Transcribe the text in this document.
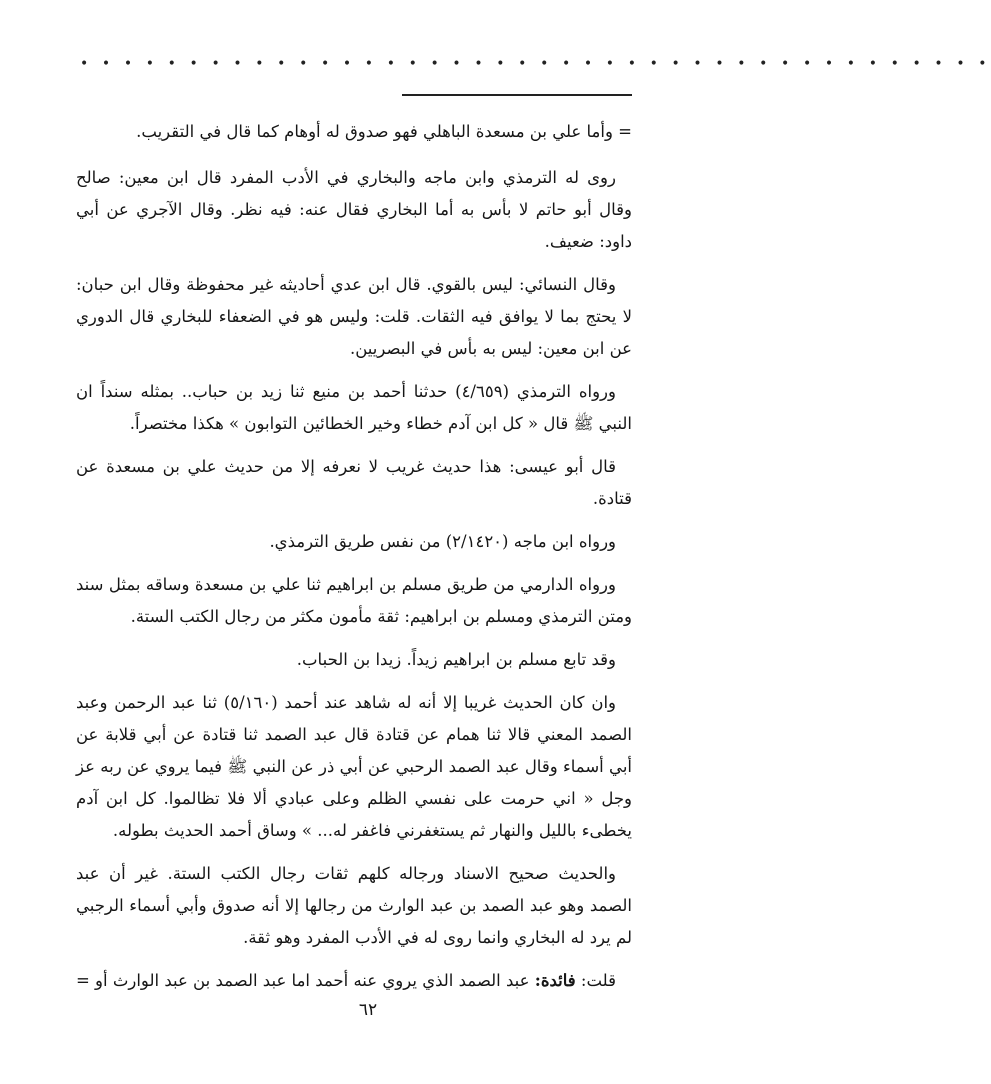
• • • • • • • • • • • • • • • • • • • • • • • • • • • • • • • • • • • • • • • • • •

= وأما علي بن مسعدة الباهلي فهو صدوق له أوهام كما قال في التقريب.

روى له الترمذي وابن ماجه والبخاري في الأدب المفرد قال ابن معين: صالح وقال أبو حاتم لا بأس به أما البخاري فقال عنه: فيه نظر. وقال الآجري عن أبي داود: ضعيف.

وقال النسائي: ليس بالقوي. قال ابن عدي أحاديثه غير محفوظة وقال ابن حبان: لا يحتج بما لا يوافق فيه الثقات. قلت: وليس هو في الضعفاء للبخاري قال الدوري عن ابن معين: ليس به بأس في البصريين.

ورواه الترمذي (٤/٦٥٩) حدثنا أحمد بن منيع ثنا زيد بن حباب.. بمثله سنداً ان النبي ﷺ قال « كل ابن آدم خطاء وخير الخطائين التوابون » هكذا مختصراً.

قال أبو عيسى: هذا حديث غريب لا نعرفه إلا من حديث علي بن مسعدة عن قتادة.

ورواه ابن ماجه (٢/١٤٢٠) من نفس طريق الترمذي.

ورواه الدارمي من طريق مسلم بن ابراهيم ثنا علي بن مسعدة وساقه بمثل سند ومتن الترمذي ومسلم بن ابراهيم: ثقة مأمون مكثر من رجال الكتب الستة.

وقد تابع مسلم بن ابراهيم زيداً. زيدا بن الحباب.

وان كان الحديث غريبا إلا أنه له شاهد عند أحمد (٥/١٦٠) ثنا عبد الرحمن وعبد الصمد المعني قالا ثنا همام عن قتادة قال عبد الصمد ثنا قتادة عن أبي قلابة عن أبي أسماء وقال عبد الصمد الرحبي عن أبي ذر عن النبي ﷺ فيما يروي عن ربه عز وجل « اني حرمت على نفسي الظلم وعلى عبادي ألا فلا تظالموا. كل ابن آدم يخطىء بالليل والنهار ثم يستغفرني فاغفر له... » وساق أحمد الحديث بطوله.

والحديث صحيح الاسناد ورجاله كلهم ثقات رجال الكتب الستة. غير أن عبد الصمد وهو عبد الصمد بن عبد الوارث من رجالها إلا أنه صدوق وأبي أسماء الرجبي لم يرد له البخاري وانما روى له في الأدب المفرد وهو ثقة.

قلت: فائدة: عبد الصمد الذي يروي عنه أحمد اما عبد الصمد بن عبد الوارث أو =

٦٢
